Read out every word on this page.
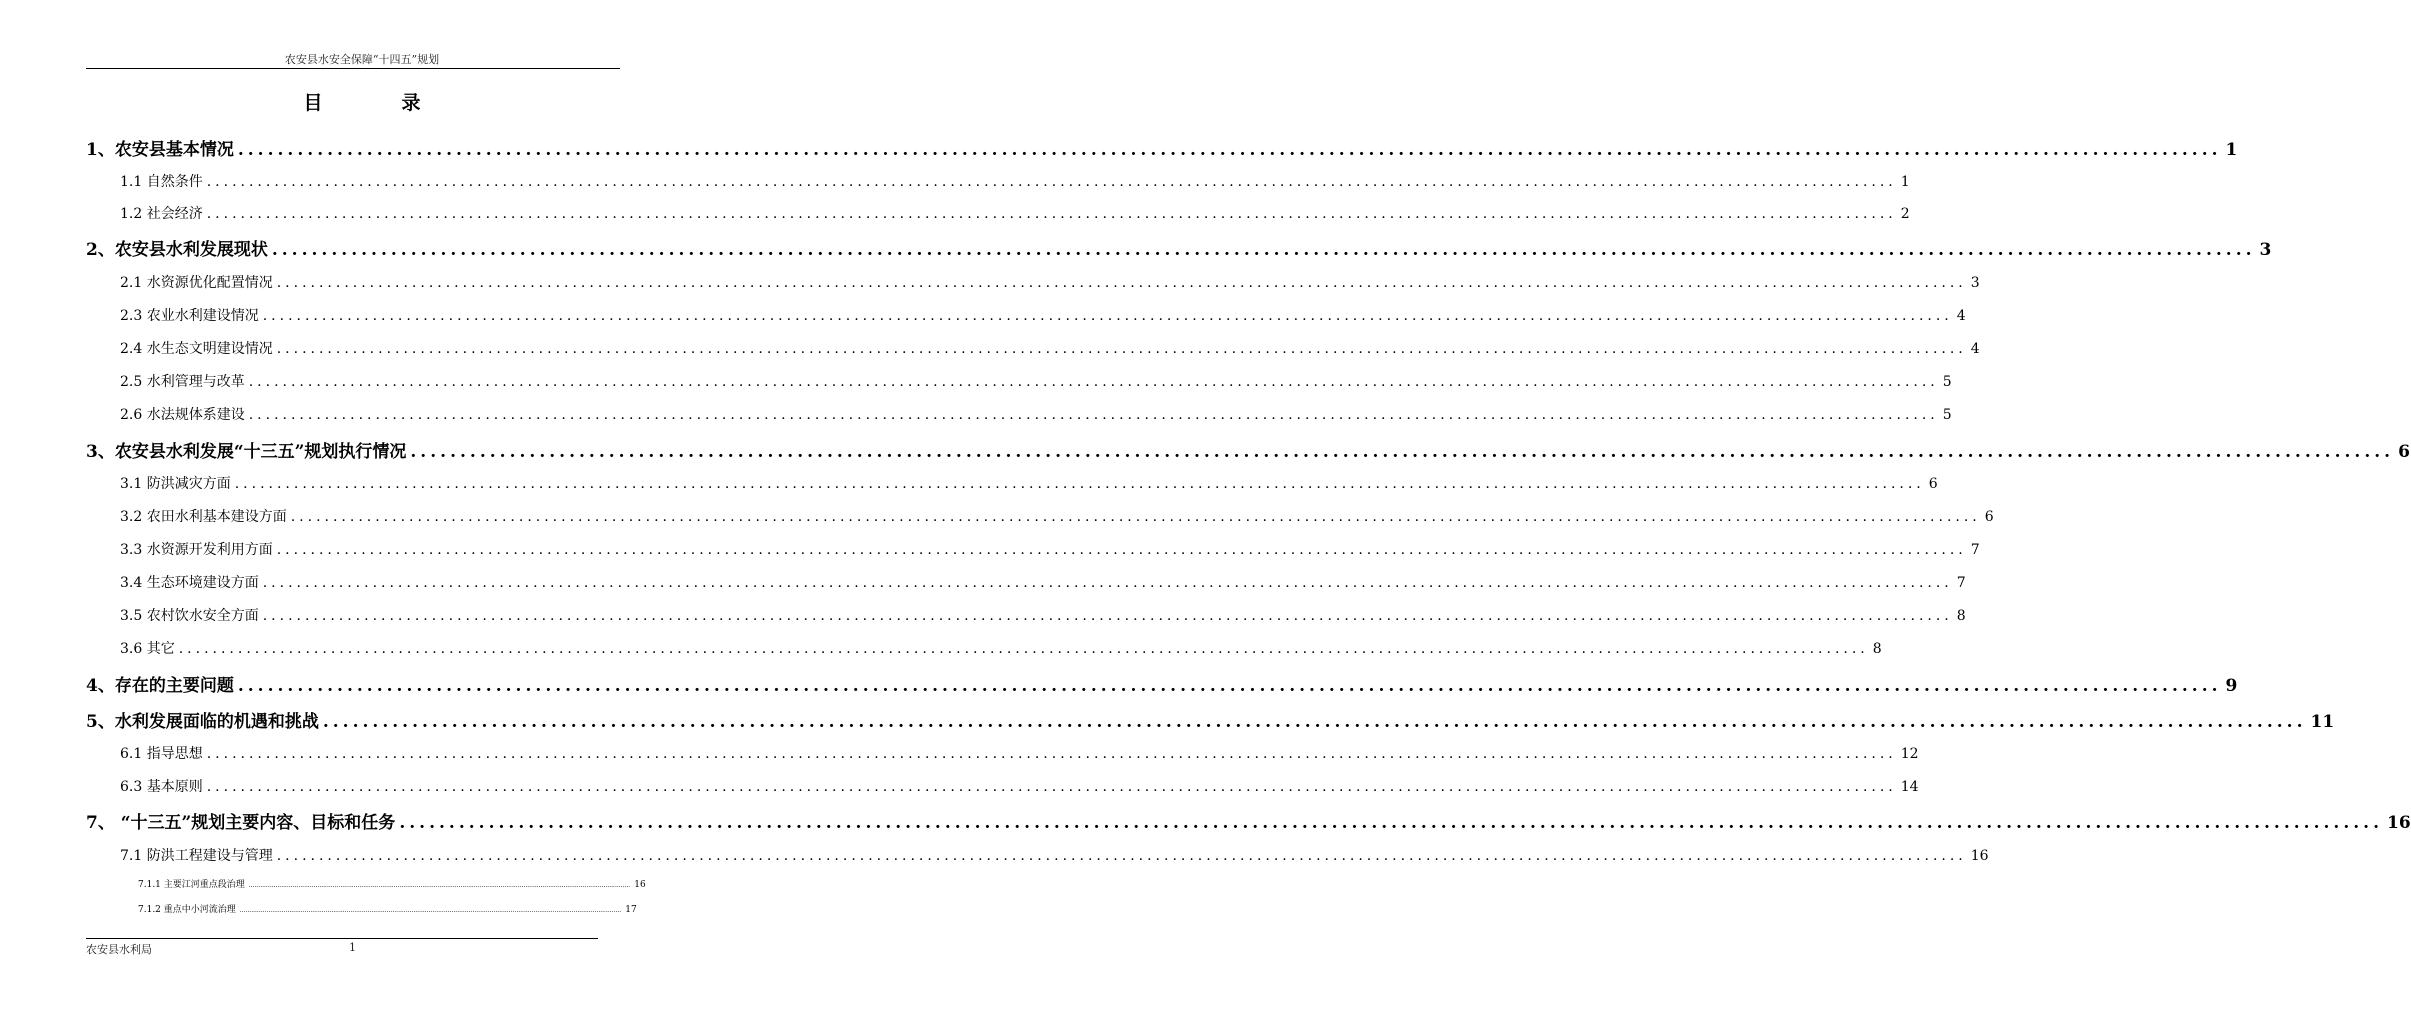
农安县水安全保障“十四五”规划
目　录
1、农安县基本情况 ........................................................................................................................................................................................................ 1
1.1 自然条件 ........................................................................................................................................................................................................ 1
1.2 社会经济 ........................................................................................................................................................................................................ 2
2、农安县水利发展现状 ........................................................................................................................................................................................................ 3
2.1 水资源优化配置情况 ........................................................................................................................................................................................................ 3
2.3 农业水利建设情况 ........................................................................................................................................................................................................ 4
2.4 水生态文明建设情况 ........................................................................................................................................................................................................ 4
2.5 水利管理与改革 ........................................................................................................................................................................................................ 5
2.6 水法规体系建设 ........................................................................................................................................................................................................ 5
3、农安县水利发展“十三五”规划执行情况 ........................................................................................................................................................................................................ 6
3.1 防洪减灾方面 ........................................................................................................................................................................................................ 6
3.2 农田水利基本建设方面 ........................................................................................................................................................................................................ 6
3.3 水资源开发利用方面 ........................................................................................................................................................................................................ 7
3.4 生态环境建设方面 ........................................................................................................................................................................................................ 7
3.5 农村饮水安全方面 ........................................................................................................................................................................................................ 8
3.6 其它 ........................................................................................................................................................................................................ 8
4、存在的主要问题 ........................................................................................................................................................................................................ 9
5、水利发展面临的机遇和挑战 ........................................................................................................................................................................................................ 11
6.1 指导思想 ........................................................................................................................................................................................................ 12
6.3 基本原则 ........................................................................................................................................................................................................ 14
7、 “十三五”规划主要内容、目标和任务 ........................................................................................................................................................................................................ 16
7.1 防洪工程建设与管理 ........................................................................................................................................................................................................ 16
7.1.1 主要江河重点段治理 ........................................................................................................................................................................................................ 16
7.1.2 重点中小河流治理 ........................................................................................................................................................................................................ 17
农安县水利局	1
